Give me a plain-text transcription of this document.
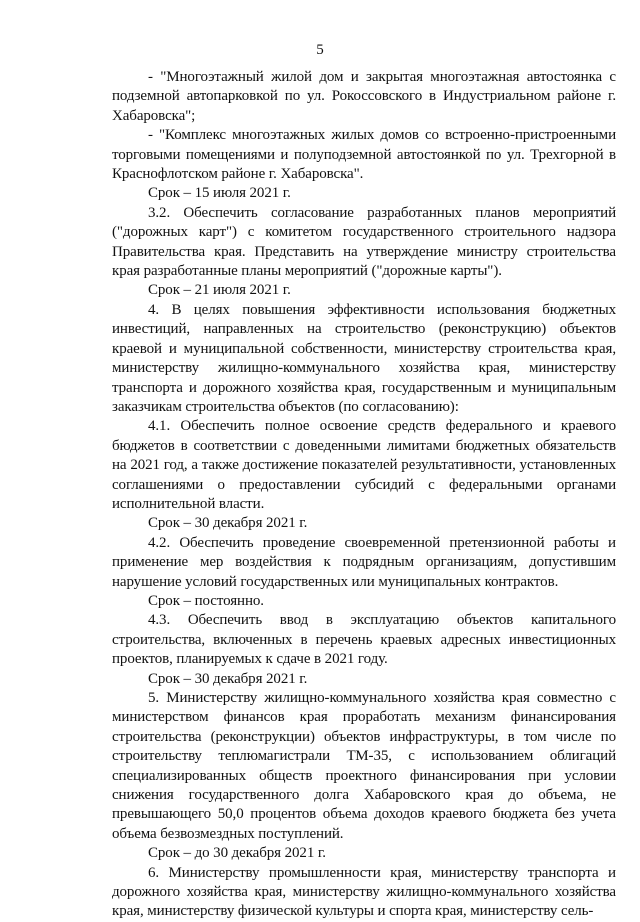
5

- "Многоэтажный жилой дом и закрытая многоэтажная автостоянка с подземной автопарковкой по ул. Рокоссовского в Индустриальном районе г. Хабаровска";

- "Комплекс многоэтажных жилых домов со встроенно-пристроенными торговыми помещениями и полуподземной автостоянкой по ул. Трехгорной в Краснофлотском районе г. Хабаровска".

Срок – 15 июля 2021 г.

3.2. Обеспечить согласование разработанных планов мероприятий ("дорожных карт") с комитетом государственного строительного надзора Правительства края. Представить на утверждение министру строительства края разработанные планы мероприятий ("дорожные карты").

Срок – 21 июля 2021 г.

4. В целях повышения эффективности использования бюджетных инвестиций, направленных на строительство (реконструкцию) объектов краевой и муниципальной собственности, министерству строительства края, министерству жилищно-коммунального хозяйства края, министерству транспорта и дорожного хозяйства края, государственным и муниципальным заказчикам строительства объектов (по согласованию):

4.1. Обеспечить полное освоение средств федерального и краевого бюджетов в соответствии с доведенными лимитами бюджетных обязательств на 2021 год, а также достижение показателей результативности, установленных соглашениями о предоставлении субсидий с федеральными органами исполнительной власти.

Срок – 30 декабря 2021 г.

4.2. Обеспечить проведение своевременной претензионной работы и применение мер воздействия к подрядным организациям, допустившим нарушение условий государственных или муниципальных контрактов.

Срок – постоянно.

4.3. Обеспечить ввод в эксплуатацию объектов капитального строительства, включенных в перечень краевых адресных инвестиционных проектов, планируемых к сдаче в 2021 году.

Срок – 30 декабря 2021 г.

5. Министерству жилищно-коммунального хозяйства края совместно с министерством финансов края проработать механизм финансирования строительства (реконструкции) объектов инфраструктуры, в том числе по строительству теплюмагистрали ТМ-35, с использованием облигаций специализированных обществ проектного финансирования при условии снижения государственного долга Хабаровского края до объема, не превышающего 50,0 процентов объема доходов краевого бюджета без учета объема безвозмездных поступлений.

Срок – до 30 декабря 2021 г.

6. Министерству промышленности края, министерству транспорта и дорожного хозяйства края, министерству жилищно-коммунального хозяйства края, министерству физической культуры и спорта края, министерству сель-
